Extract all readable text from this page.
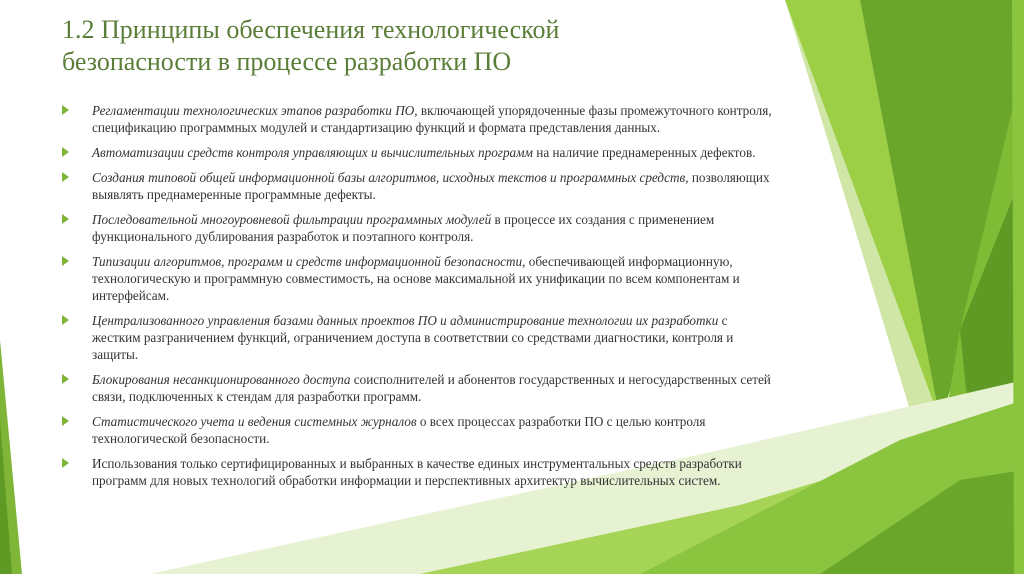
1.2 Принципы обеспечения технологической
безопасности в процессе разработки ПО
Регламентации технологических этапов разработки ПО, включающей упорядоченные фазы промежуточного контроля, спецификацию программных модулей и стандартизацию функций и формата представления данных.
Автоматизации средств контроля управляющих и вычислительных программ на наличие преднамеренных дефектов.
Создания типовой общей информационной базы алгоритмов, исходных текстов и программных средств, позволяющих выявлять преднамеренные программные дефекты.
Последовательной многоуровневой фильтрации программных модулей в процессе их создания с применением функционального дублирования разработок и поэтапного контроля.
Типизации алгоритмов, программ и средств информационной безопасности, обеспечивающей информационную, технологическую и программную совместимость, на основе максимальной их унификации по всем компонентам и интерфейсам.
Централизованного управления базами данных проектов ПО и администрирование технологии их разработки с жестким разграничением функций, ограничением доступа в соответствии со средствами диагностики, контроля и защиты.
Блокирования несанкционированного доступа соисполнителей и абонентов государственных и негосударственных сетей связи, подключенных к стендам для разработки программ.
Статистического учета и ведения системных журналов о всех процессах разработки ПО с целью контроля технологической безопасности.
Использования только сертифицированных и выбранных в качестве единых инструментальных средств разработки программ для новых технологий обработки информации и перспективных архитектур вычислительных систем.
